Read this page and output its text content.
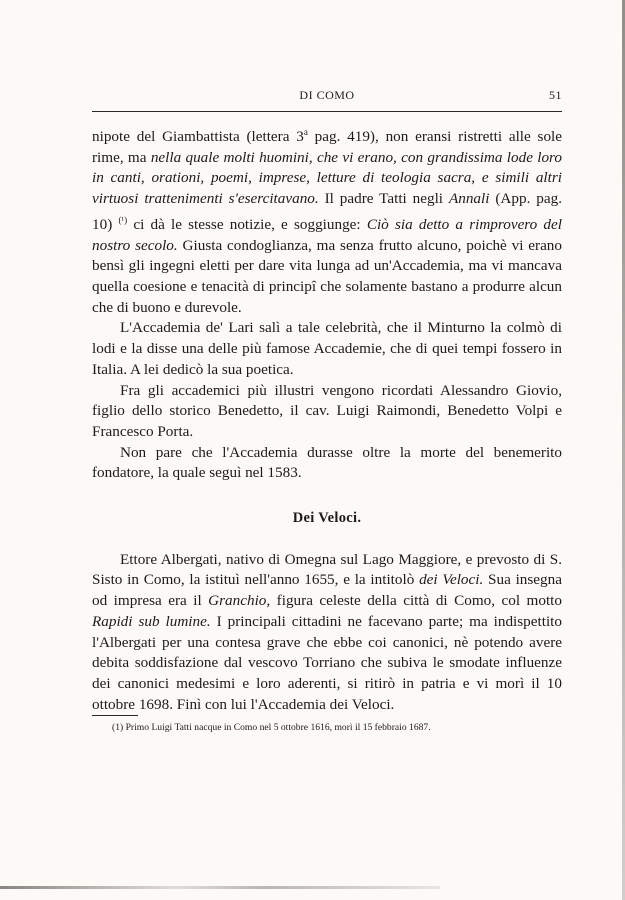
DI COMO	51

nipote del Giambattista (lettera 3$^a$ pag. 419), non eransi ristretti alle sole rime, ma nella quale molti huomini, che vi erano, con grandissima lode loro in canti, orationi, poemi, imprese, letture di teologia sacra, e simili altri virtuosi trattenimenti s'esercitavano. Il padre Tatti negli Annali (App. pag. 10) $^{(^1)}$ ci dà le stesse notizie, e soggiunge: Ciò sia detto a rimprovero del nostro secolo. Giusta condoglianza, ma senza frutto alcuno, poichè vi erano bensì gli ingegni eletti per dare vita lunga ad un'Accademia, ma vi mancava quella coesione e tenacità di principî che solamente bastano a produrre alcun che di buono e durevole.

L'Accademia de' Lari salì a tale celebrità, che il Minturno la colmò di lodi e la disse una delle più famose Accademie, che di quei tempi fossero in Italia. A lei dedicò la sua poetica.

Fra gli accademici più illustri vengono ricordati Alessandro Giovio, figlio dello storico Benedetto, il cav. Luigi Raimondi, Benedetto Volpi e Francesco Porta.

Non pare che l'Accademia durasse oltre la morte del benemerito fondatore, la quale seguì nel 1583.

Dei Veloci.

Ettore Albergati, nativo di Omegna sul Lago Maggiore, e prevosto di S. Sisto in Como, la istituì nell'anno 1655, e la intitolò dei Veloci. Sua insegna od impresa era il Granchio, figura celeste della città di Como, col motto Rapidi sub lumine. I principali cittadini ne facevano parte; ma indispettito l'Albergati per una contesa grave che ebbe coi canonici, nè potendo avere debita soddisfazione dal vescovo Torriano che subiva le smodate influenze dei canonici medesimi e loro aderenti, si ritirò in patria e vi morì il 10 ottobre 1698. Finì con lui l'Accademia dei Veloci.

(1) Primo Luigi Tatti nacque in Como nel 5 ottobre 1616, morì il 15 febbraio 1687.
